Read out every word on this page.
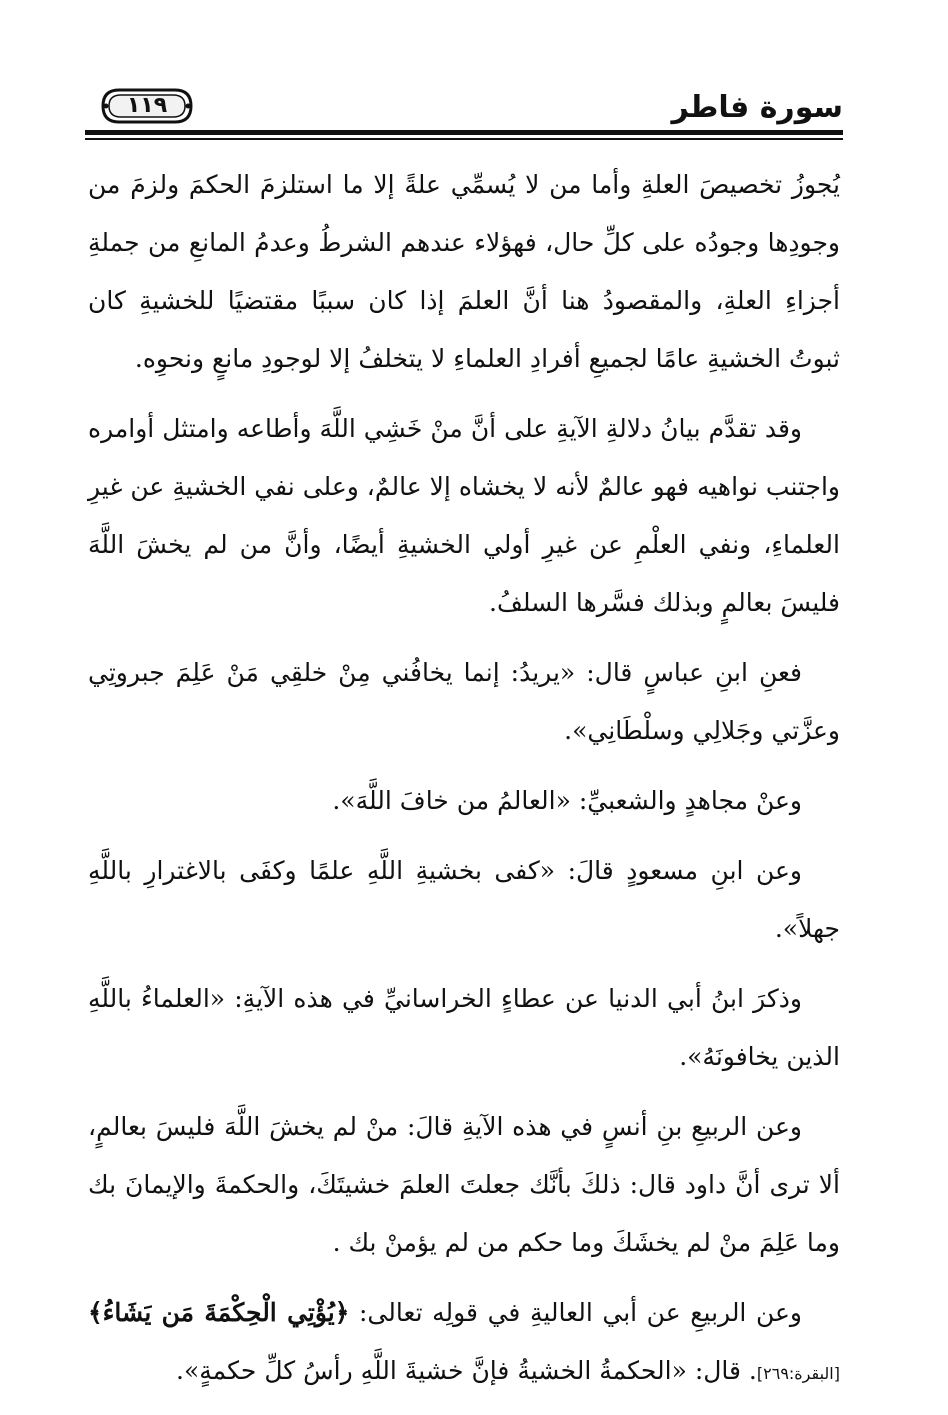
١١٩	سورة فاطر

يُجوزُ تخصيصَ العلةِ وأما من لا يُسمِّي علةً إلا ما استلزمَ الحكمَ ولزمَ من وجودِها وجودُه على كلِّ حال، فهؤلاء عندهم الشرطُ وعدمُ المانعِ من جملةِ أجزاءِ العلةِ، والمقصودُ هنا أنَّ العلمَ إذا كان سببًا مقتضيًا للخشيةِ كان ثبوتُ الخشيةِ عامًا لجميعِ أفرادِ العلماءِ لا يتخلفُ إلا لوجودِ مانعٍ ونحوِه.

وقد تقدَّم بيانُ دلالةِ الآيةِ على أنَّ منْ خَشِي اللَّهَ وأطاعه وامتثل أوامره واجتنب نواهيه فهو عالمٌ لأنه لا يخشاه إلا عالمٌ، وعلى نفي الخشيةِ عن غيرِ العلماءِ، ونفي العلْمِ عن غيرِ أولي الخشيةِ أيضًا، وأنَّ من لم يخشَ اللَّهَ فليسَ بعالمٍ وبذلك فسَّرها السلفُ.

فعنِ ابنِ عباسٍ قال: «يريدُ: إنما يخافُني مِنْ خلقِي مَنْ عَلِمَ جبروتِي وعزَّتي وجَلالِي وسلْطَانِي».

وعنْ مجاهدٍ والشعبيِّ: «العالمُ من خافَ اللَّهَ».

وعن ابنِ مسعودٍ قالَ: «كفى بخشيةِ اللَّهِ علمًا وكفَى بالاغترارِ باللَّهِ جهلاً».

وذكرَ ابنُ أبي الدنيا عن عطاءٍ الخراسانيِّ في هذه الآيةِ: «العلماءُ باللَّهِ الذين يخافونَهُ».

وعن الربيعِ بنِ أنسٍ في هذه الآيةِ قالَ: منْ لم يخشَ اللَّهَ فليسَ بعالمٍ، ألا ترى أنَّ داود قال: ذلكَ بأنَّك جعلتَ العلمَ خشيتَكَ، والحكمةَ والإيمانَ بك وما عَلِمَ منْ لم يخشَكَ وما حكم من لم يؤمنْ بك .

وعن الربيعِ عن أبي العاليةِ في قولِه تعالى: ﴿يُؤْتِي الْحِكْمَةَ مَن يَشَاءُ﴾ [البقرة:٢٦٩]. قال: «الحكمةُ الخشيةُ فإنَّ خشيةَ اللَّهِ رأسُ كلِّ حكمةٍ».
